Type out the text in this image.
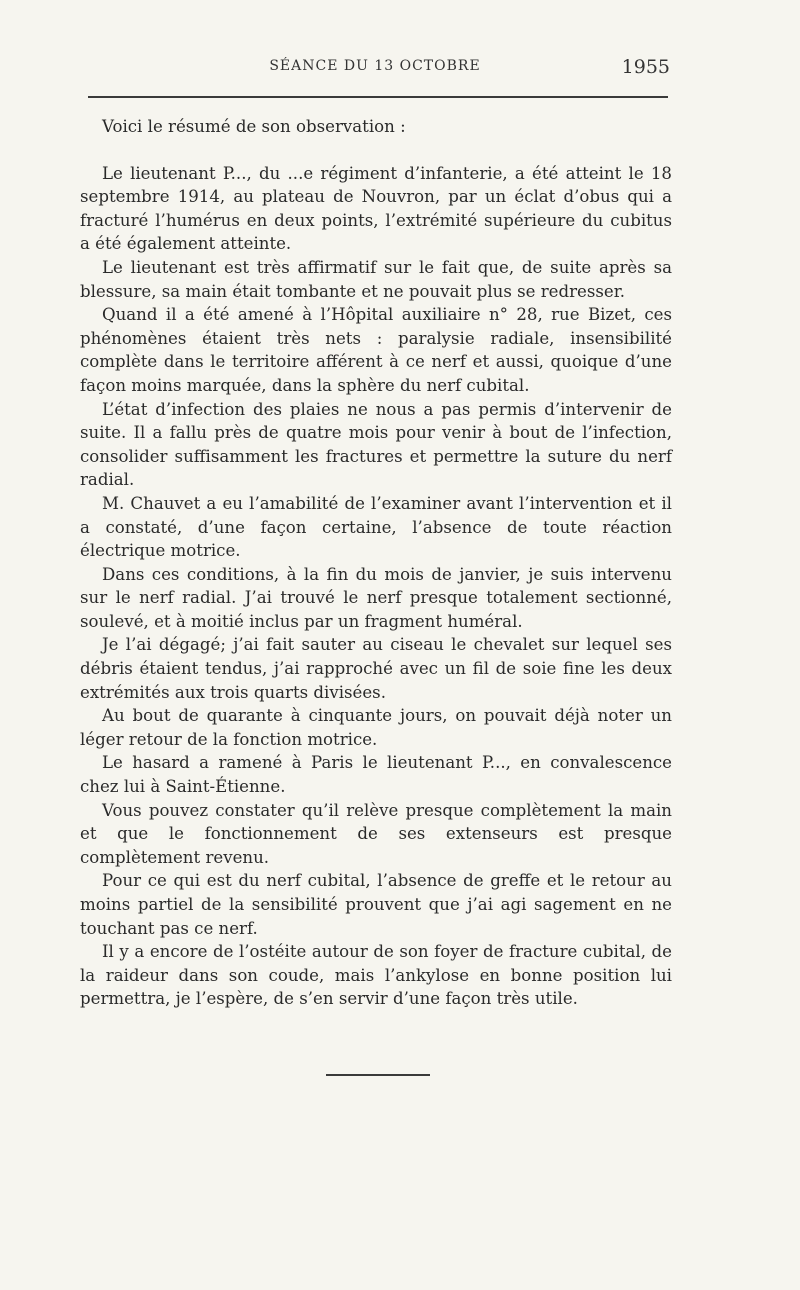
SÉANCE DU 13 OCTOBRE	1955

Voici le résumé de son observation :

Le lieutenant P..., du ...e régiment d’infanterie, a été atteint le 18 septembre 1914, au plateau de Nouvron, par un éclat d’obus qui a fracturé l’humérus en deux points, l’extrémité supérieure du cubitus a été également atteinte.

Le lieutenant est très affirmatif sur le fait que, de suite après sa blessure, sa main était tombante et ne pouvait plus se redresser.

Quand il a été amené à l’Hôpital auxiliaire n° 28, rue Bizet, ces phénomènes étaient très nets : paralysie radiale, insensibilité complète dans le territoire afférent à ce nerf et aussi, quoique d’une façon moins marquée, dans la sphère du nerf cubital.

L’état d’infection des plaies ne nous a pas permis d’intervenir de suite. Il a fallu près de quatre mois pour venir à bout de l’infection, consolider suffisamment les fractures et permettre la suture du nerf radial.

M. Chauvet a eu l’amabilité de l’examiner avant l’intervention et il a constaté, d’une façon certaine, l’absence de toute réaction électrique motrice.

Dans ces conditions, à la fin du mois de janvier, je suis intervenu sur le nerf radial. J’ai trouvé le nerf presque totalement sectionné, soulevé, et à moitié inclus par un fragment huméral.

Je l’ai dégagé; j’ai fait sauter au ciseau le chevalet sur lequel ses débris étaient tendus, j’ai rapproché avec un fil de soie fine les deux extrémités aux trois quarts divisées.

Au bout de quarante à cinquante jours, on pouvait déjà noter un léger retour de la fonction motrice.

Le hasard a ramené à Paris le lieutenant P..., en convalescence chez lui à Saint-Étienne.

Vous pouvez constater qu’il relève presque complètement la main et que le fonctionnement de ses extenseurs est presque complètement revenu.

Pour ce qui est du nerf cubital, l’absence de greffe et le retour au moins partiel de la sensibilité prouvent que j’ai agi sagement en ne touchant pas ce nerf.

Il y a encore de l’ostéite autour de son foyer de fracture cubital, de la raideur dans son coude, mais l’ankylose en bonne position lui permettra, je l’espère, de s’en servir d’une façon très utile.
